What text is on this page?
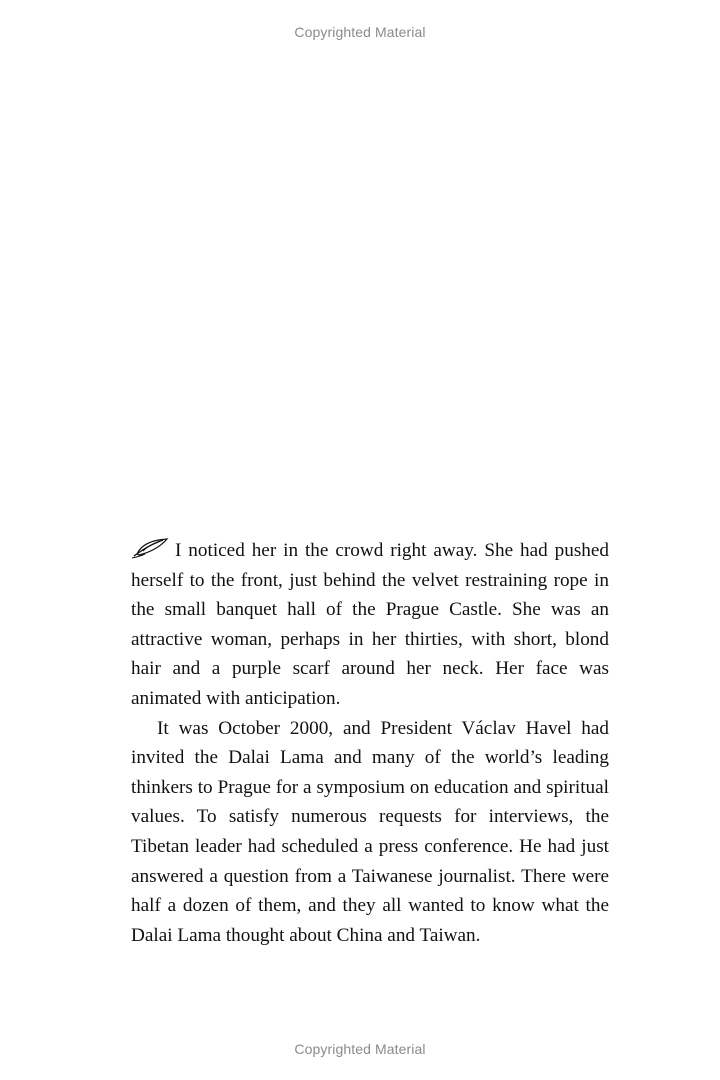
Copyrighted Material

I noticed her in the crowd right away. She had pushed herself to the front, just behind the velvet restraining rope in the small banquet hall of the Prague Castle. She was an attractive woman, perhaps in her thirties, with short, blond hair and a purple scarf around her neck. Her face was animated with anticipation.

It was October 2000, and President Václav Havel had invited the Dalai Lama and many of the world’s leading thinkers to Prague for a symposium on education and spiritual values. To satisfy numerous requests for interviews, the Tibetan leader had scheduled a press conference. He had just answered a question from a Taiwanese journalist. There were half a dozen of them, and they all wanted to know what the Dalai Lama thought about China and Taiwan.

Copyrighted Material
